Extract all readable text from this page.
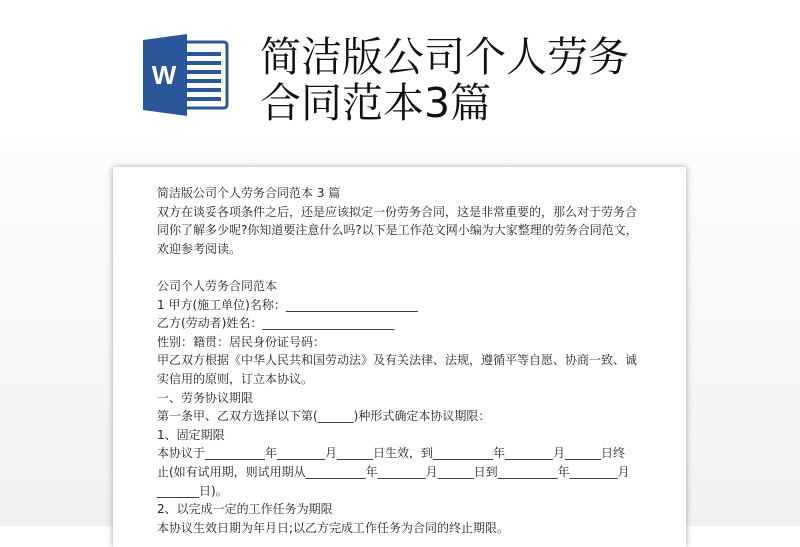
W 简洁版公司个人劳务
合同范本3篇
简洁版公司个人劳务合同范本 3 篇
双方在谈妥各项条件之后，还是应该拟定一份劳务合同，这是非常重要的，那么对于劳务合
同你了解多少呢?你知道要注意什么吗?以下是工作范文网小编为大家整理的劳务合同范文，
欢迎参考阅读。
公司个人劳务合同范本
1 甲方(施工单位)名称：______________________
乙方(劳动者)姓名：______________________
性别：籍贯：居民身份证号码：
甲乙双方根据《中华人民共和国劳动法》及有关法律、法规，遵循平等自愿、协商一致、诚
实信用的原则，订立本协议。
一、劳务协议期限
第一条甲、乙双方选择以下第(______)种形式确定本协议期限：
1、固定期限
本协议于__________年________月______日生效，到__________年________月______日终
止(如有试用期，则试用期从__________年________月______日到__________年________月
_______日)。
2、以完成一定的工作任务为期限
本协议生效日期为年月日;以乙方完成工作任务为合同的终止期限。
